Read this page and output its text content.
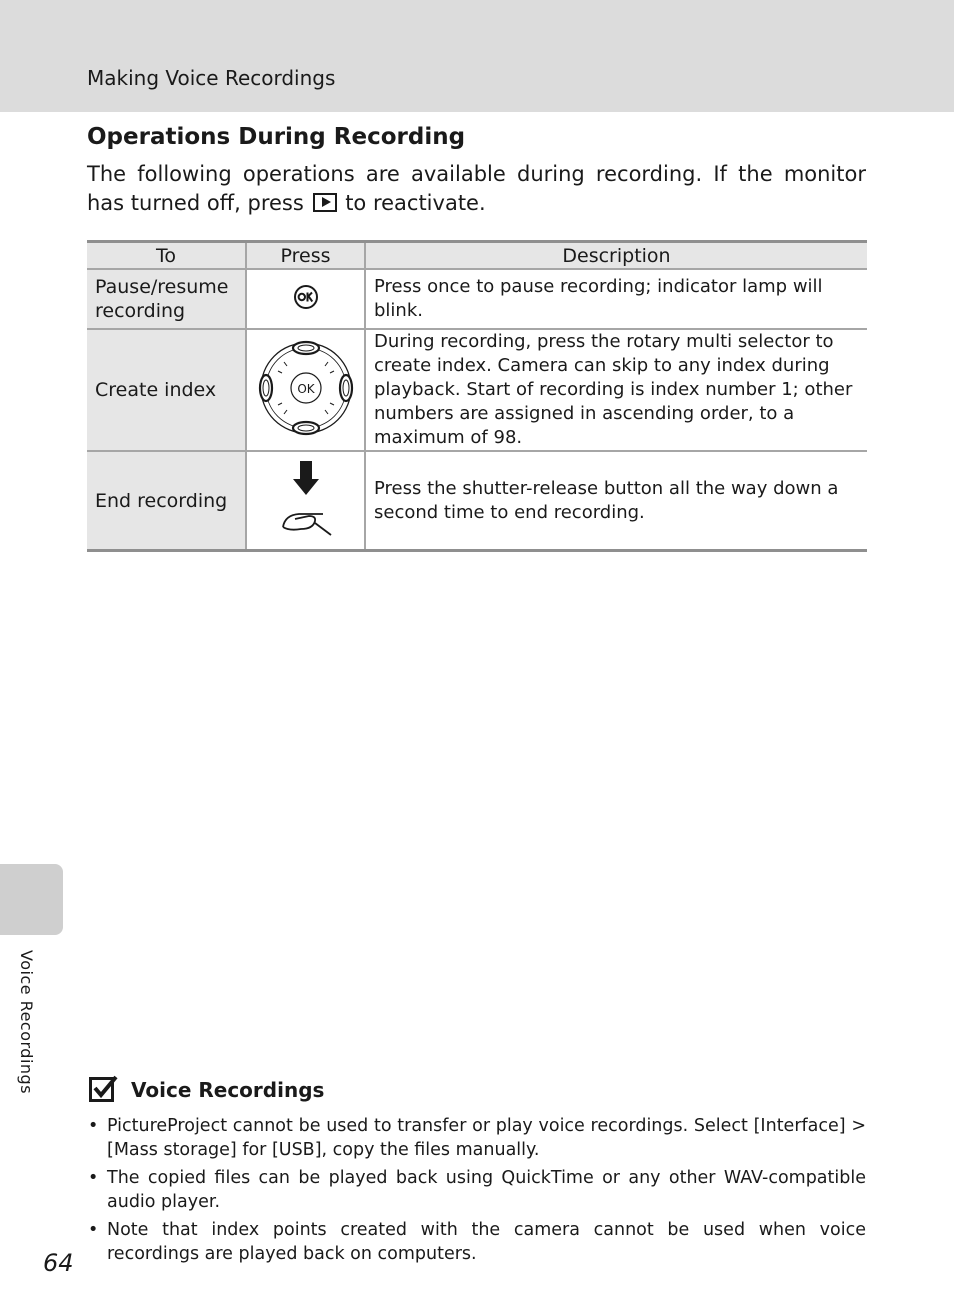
Making Voice Recordings
Operations During Recording
The following operations are available during recording. If the monitor has turned off, press to reactivate.
To	Press	Description
Pause/resume recording		Press once to pause recording; indicator lamp will blink.
Create index	OK	During recording, press the rotary multi selector to create index. Camera can skip to any index during playback. Start of recording is index number 1; other numbers are assigned in ascending order, to a maximum of 98.
End recording		Press the shutter-release button all the way down a second time to end recording.
Voice Recordings	Voice Recordings
• PictureProject cannot be used to transfer or play voice recordings. Select [Interface] > [Mass storage] for [USB], copy the files manually.
• The copied files can be played back using QuickTime or any other WAV-compatible audio player.
• Note that index points created with the camera cannot be used when voice recordings are played back on computers.
64
